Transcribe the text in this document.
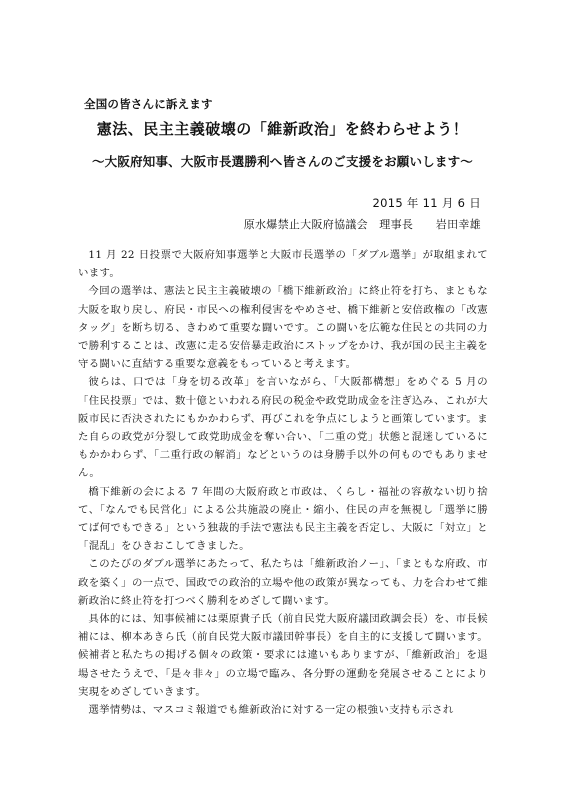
全国の皆さんに訴えます
憲法、民主主義破壊の「維新政治」を終わらせよう！
～大阪府知事、大阪市長選勝利へ皆さんのご支援をお願いします～
2015 年 11 月 6 日
原水爆禁止大阪府協議会　理事長　　岩田幸雄

11 月 22 日投票で大阪府知事選挙と大阪市長選挙の「ダブル選挙」が取組まれています。

今回の選挙は、憲法と民主主義破壊の「橋下維新政治」に終止符を打ち、まともな大阪を取り戻し、府民・市民への権利侵害をやめさせ、橋下維新と安倍政権の「改憲タッグ」を断ち切る、きわめて重要な闘いです。この闘いを広範な住民との共同の力で勝利することは、改憲に走る安倍暴走政治にストップをかけ、我が国の民主主義を守る闘いに直結する重要な意義をもっていると考えます。

彼らは、口では「身を切る改革」を言いながら、「大阪都構想」をめぐる 5 月の「住民投票」では、数十億といわれる府民の税金や政党助成金を注ぎ込み、これが大阪市民に否決されたにもかかわらず、再びこれを争点にしようと画策しています。また自らの政党が分裂して政党助成金を奪い合い、「二重の党」状態と混迷しているにもかかわらず、「二重行政の解消」などというのは身勝手以外の何ものでもありません。

橋下維新の会による 7 年間の大阪府政と市政は、くらし・福祉の容赦ない切り捨て、「なんでも民営化」による公共施設の廃止・縮小、住民の声を無視し「選挙に勝てば何でもできる」という独裁的手法で憲法も民主主義を否定し、大阪に「対立」と「混乱」をひきおこしてきました。

このたびのダブル選挙にあたって、私たちは「維新政治ノー」、「まともな府政、市政を築く」の一点で、国政での政治的立場や他の政策が異なっても、力を合わせて維新政治に終止符を打つべく勝利をめざして闘います。

具体的には、知事候補には栗原貴子氏（前自民党大阪府議団政調会長）を、市長候補には、柳本あきら氏（前自民党大阪市議団幹事長）を自主的に支援して闘います。候補者と私たちの掲げる個々の政策・要求には違いもありますが、「維新政治」を退場させたうえで、「是々非々」の立場で臨み、各分野の運動を発展させることにより実現をめざしていきます。

選挙情勢は、マスコミ報道でも維新政治に対する一定の根強い支持も示され
